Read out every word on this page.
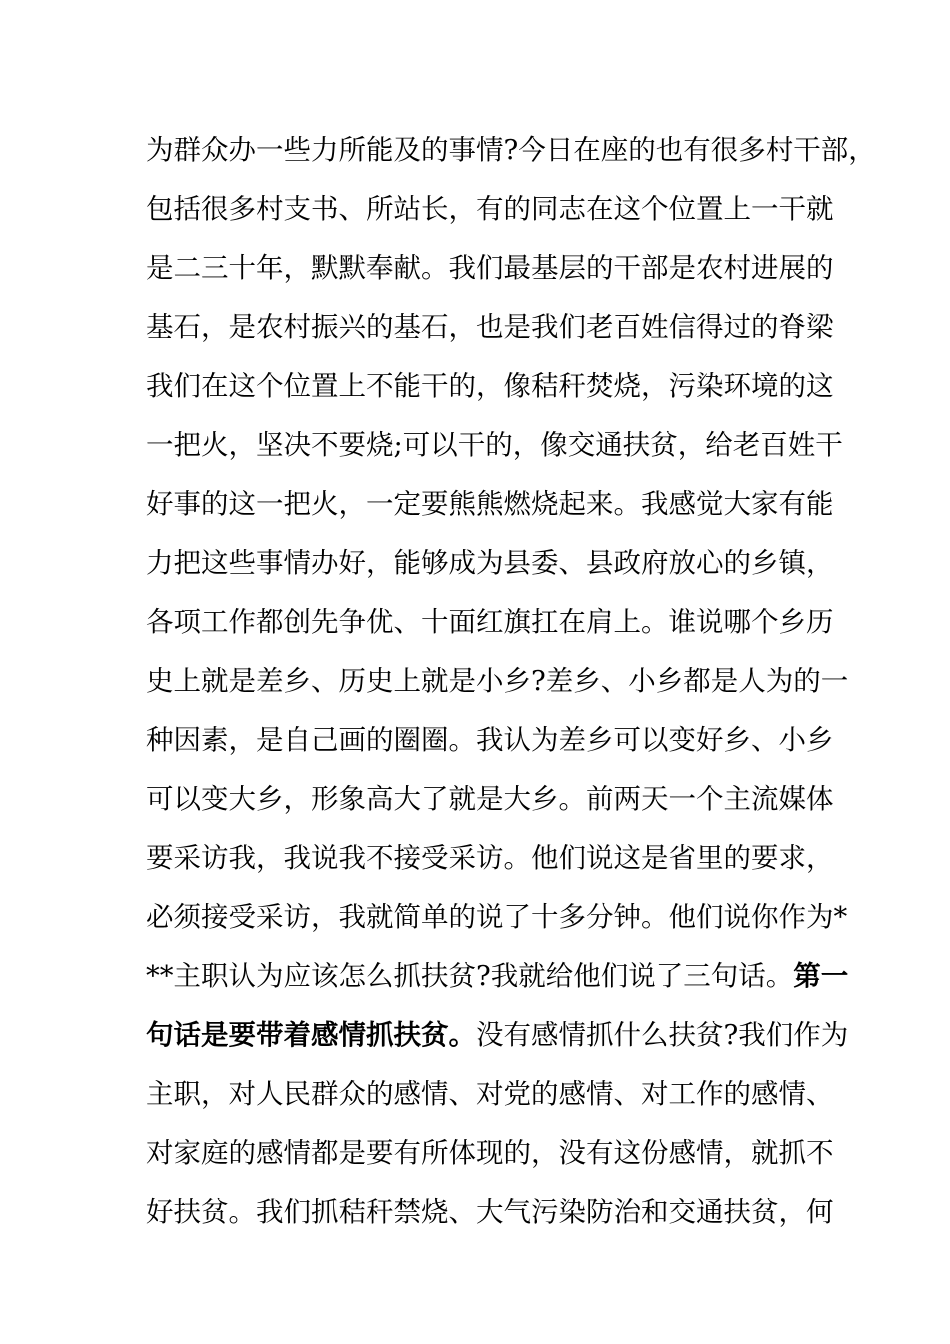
为群众办一些力所能及的事情?今日在座的也有很多村干部，
包括很多村支书、所站长，有的同志在这个位置上一干就
是二三十年，默默奉献。我们最基层的干部是农村进展的
基石，是农村振兴的基石，也是我们老百姓信得过的脊梁
我们在这个位置上不能干的，像秸秆焚烧，污染环境的这
一把火，坚决不要烧;可以干的，像交通扶贫，给老百姓干
好事的这一把火，一定要熊熊燃烧起来。我感觉大家有能
力把这些事情办好，能够成为县委、县政府放心的乡镇，
各项工作都创先争优、十面红旗扛在肩上。谁说哪个乡历
史上就是差乡、历史上就是小乡?差乡、小乡都是人为的一
种因素，是自己画的圈圈。我认为差乡可以变好乡、小乡
可以变大乡，形象高大了就是大乡。前两天一个主流媒体
要采访我，我说我不接受采访。他们说这是省里的要求，
必须接受采访，我就简单的说了十多分钟。他们说你作为*
**主职认为应该怎么抓扶贫?我就给他们说了三句话。第一
句话是要带着感情抓扶贫。没有感情抓什么扶贫?我们作为
主职，对人民群众的感情、对党的感情、对工作的感情、
对家庭的感情都是要有所体现的，没有这份感情，就抓不
好扶贫。我们抓秸秆禁烧、大气污染防治和交通扶贫，何
